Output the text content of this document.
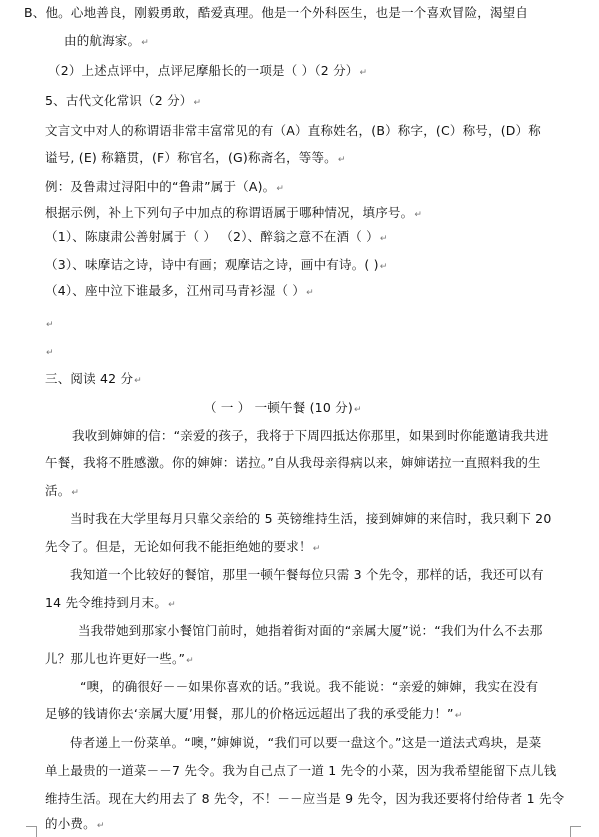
B、他。心地善良，刚毅勇敢，酷爱真理。他是一个外科医生，也是一个喜欢冒险，渴望自
由的航海家。↵
（2）上述点评中，点评尼摩船长的一项是（ ）（2 分）↵
5、古代文化常识（2 分）↵
文言文中对人的称谓语非常丰富常见的有（A）直称姓名，(B）称字，(C）称号，(D）称
谥号, (E) 称籍贯，(F）称官名，(G)称斋名，等等。↵
例：及鲁肃过浔阳中的“鲁肃”属于（A)。↵
根据示例，补上下列句子中加点的称谓语属于哪种情况，填序号。↵
（1）、陈康肃公善射属于（ ） （2）、醉翁之意不在酒（ ）↵
（3）、味摩诘之诗，诗中有画；观摩诘之诗，画中有诗。( )↵
（4）、座中泣下谁最多，江州司马青衫湿（ ）↵
↵
↵
三、阅读 42 分↵
（ 一 ） 一顿午餐 (10 分)↵
我收到婶婶的信：“亲爱的孩子，我将于下周四抵达你那里，如果到时你能邀请我共进
午餐，我将不胜感激。你的婶婶：诺拉。”自从我母亲得病以来，婶婶诺拉一直照料我的生
活。↵
当时我在大学里每月只靠父亲给的 5 英镑维持生活，接到婶婶的来信时，我只剩下 20
先令了。但是，无论如何我不能拒绝她的要求！↵
我知道一个比较好的餐馆，那里一顿午餐每位只需 3 个先令，那样的话，我还可以有
14 先令维持到月末。↵
当我带她到那家小餐馆门前时，她指着街对面的“亲属大厦”说：“我们为什么不去那
儿？那儿也许更好一些。”↵
“噢，的确很好－－如果你喜欢的话。”我说。我不能说：“亲爱的婶婶，我实在没有
足够的钱请你去‘亲属大厦’用餐，那儿的价格远远超出了我的承受能力！”↵
侍者递上一份菜单。“噢，”婶婶说，“我们可以要一盘这个。”这是一道法式鸡块，是菜
单上最贵的一道菜－－7 先令。我为自己点了一道 1 先令的小菜，因为我希望能留下点儿钱
维持生活。现在大约用去了 8 先令，不！－－应当是 9 先令，因为我还要将付给侍者 1 先令
的小费。↵
